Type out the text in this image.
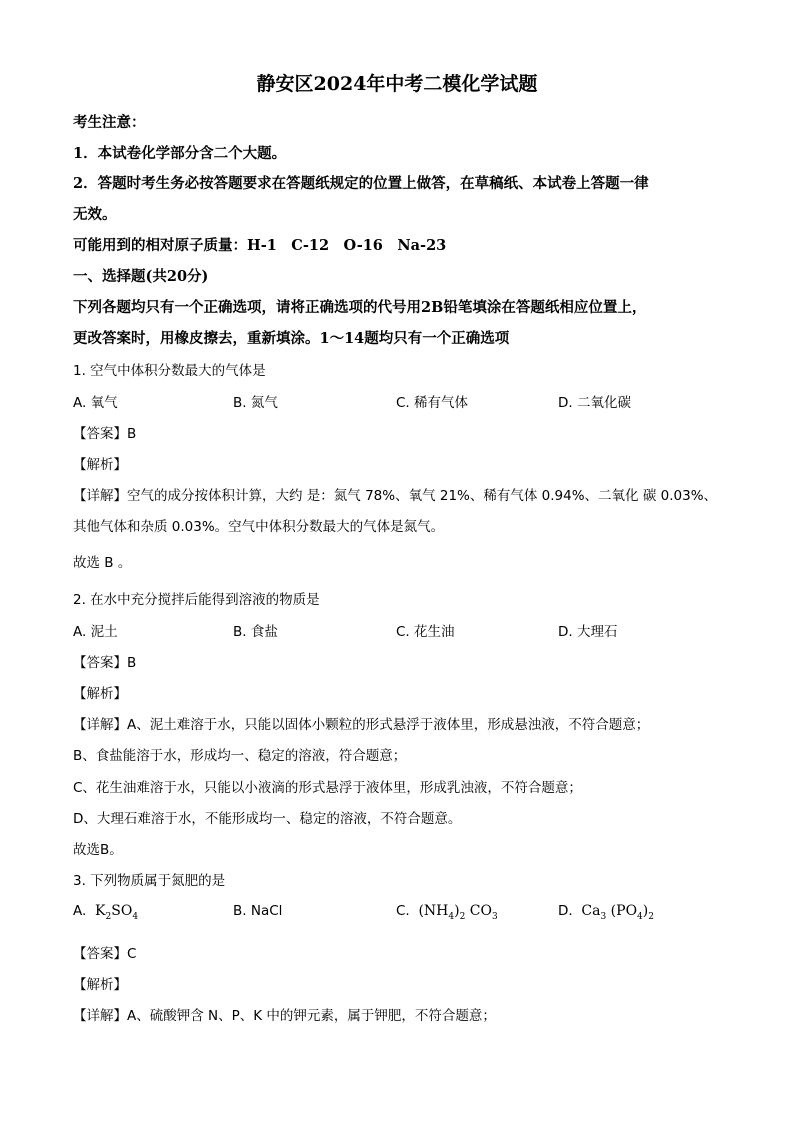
静安区2024年中考二模化学试题
考生注意：
1．本试卷化学部分含二个大题。
2．答题时考生务必按答题要求在答题纸规定的位置上做答，在草稿纸、本试卷上答题一律
无效。
可能用到的相对原子质量：H-1　C-12　O-16　Na-23
一、选择题(共20分)
下列各题均只有一个正确选项，请将正确选项的代号用2B铅笔填涂在答题纸相应位置上，
更改答案时，用橡皮擦去，重新填涂。1～14题均只有一个正确选项
1. 空气中体积分数最大的气体是
A. 氧气	B. 氮气	C. 稀有气体	D. 二氧化碳
【答案】B
【解析】
【详解】空气的成分按体积计算，大约 是：氮气 78%、氧气 21%、稀有气体 0.94%、二氧化 碳 0.03%、
其他气体和杂质 0.03%。空气中体积分数最大的气体是氮气。
故选 B 。
2. 在水中充分搅拌后能得到溶液的物质是
A. 泥土	B. 食盐	C. 花生油	D. 大理石
【答案】B
【解析】
【详解】A、泥土难溶于水，只能以固体小颗粒的形式悬浮于液体里，形成悬浊液，不符合题意；
B、食盐能溶于水，形成均一、稳定的溶液，符合题意；
C、花生油难溶于水，只能以小液滴的形式悬浮于液体里，形成乳浊液，不符合题意；
D、大理石难溶于水，不能形成均一、稳定的溶液，不符合题意。
故选B。
3. 下列物质属于氮肥的是
A.  $K_2SO_4$	B. NaCl	C.  $(NH_4)_2$ $CO_3$	D.  $Ca_3$ $(PO_4)_2$
【答案】C
【解析】
【详解】A、硫酸钾含 N、P、K 中的钾元素，属于钾肥，不符合题意；
